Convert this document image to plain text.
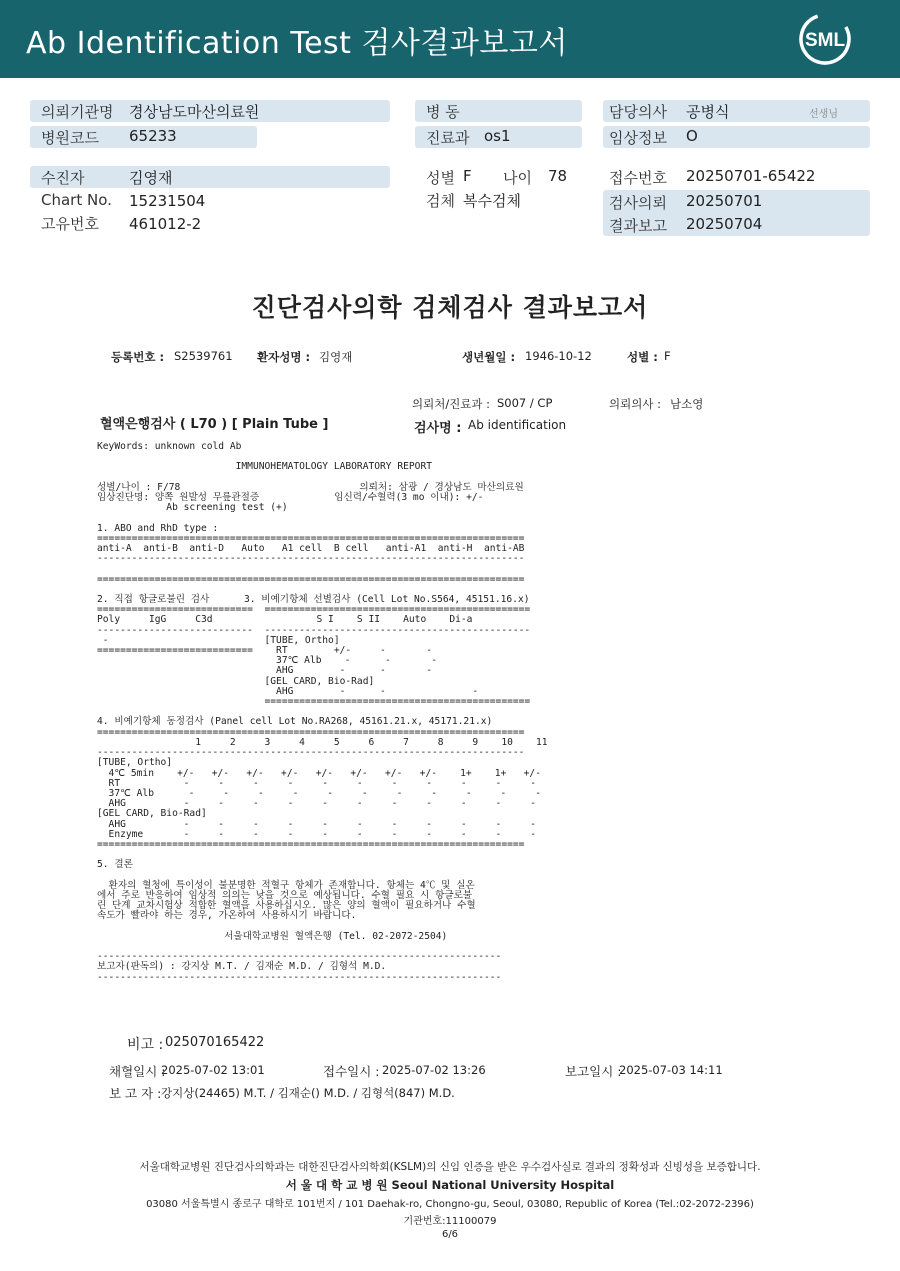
Ab Identification Test 검사결과보고서	SML
의뢰기관명 경상남도마산의료원
병원코드 65233
병 동
진료과 os1
담당의사 공병식	선생님
임상정보 O
수진자	김영재
Chart No. 15231504
고유번호 461012-2
성별 F 나이 78
검체 복수검체
접수번호 20250701-65422
검사의뢰 20250701
결과보고 20250704
진단검사의학 검체검사 결과보고서
등록번호 : S2539761 환자성명 : 김영재	생년월일 : 1946-10-12	성별 : F
의뢰처/진료과 : S007 / CP	의뢰의사 : 남소영
혈액은행검사 ( L70 ) [ Plain Tube ]	검사명 : Ab identification
KeyWords: unknown cold Ab

IMMUNOHEMATOLOGY LABORATORY REPORT

성별/나이 : F/78                               의뢰처: 삼광 / 경상남도 마산의료원
임상진단명: 양쪽 원발성 무릎관절증             임신력/수혈력(3 mo 이내): +/-
Ab screening test (+)

1. ABO and RhD type :
==========================================================================
anti-A  anti-B  anti-D   Auto   A1 cell  B cell   anti-A1  anti-H  anti-AB
--------------------------------------------------------------------------

==========================================================================

2. 직접 항글로불린 검사      3. 비예기항체 선별검사 (Cell Lot No.S564, 45151.16.x)
===========================  ==============================================
Poly     IgG     C3d                  S I    S II    Auto    Di-a
---------------------------  ----------------------------------------------
-                           [TUBE, Ortho]
===========================    RT        +/-     -       -
37℃ Alb    -      -       -
AHG        -      -       -
[GEL CARD, Bio-Rad]
AHG        -      -               -
==============================================

4. 비예기항체 동정검사 (Panel cell Lot No.RA268, 45161.21.x, 45171.21.x)
==========================================================================
1     2     3     4     5     6     7     8     9    10    11
--------------------------------------------------------------------------
[TUBE, Ortho]
4℃ 5min    +/-   +/-   +/-   +/-   +/-   +/-   +/-   +/-    1+    1+   +/-
RT           -     -     -     -     -     -     -     -     -     -     -
37℃ Alb      -     -     -     -     -     -     -     -     -     -     -
AHG          -     -     -     -     -     -     -     -     -     -     -
[GEL CARD, Bio-Rad]
AHG          -     -     -     -     -     -     -     -     -     -     -
Enzyme       -     -     -     -     -     -     -     -     -     -     -
==========================================================================

5. 결론

환자의 혈청에 특이성이 불분명한 적혈구 항체가 존재합니다. 항체는 4℃ 및 실온
에서 주로 반응하여 임상적 의의는 낮을 것으로 예상됩니다. 수혈 필요 시 항글로불
린 단계 교차시험상 적합한 혈액을 사용하십시오. 많은 양의 혈액이 필요하거나 수혈
속도가 빨라야 하는 경우, 가온하여 사용하시기 바랍니다.

서울대학교병원 혈액은행 (Tel. 02-2072-2504)

----------------------------------------------------------------------
보고자(판독의) : 강지상 M.T. / 김재순 M.D. / 김형석 M.D.
----------------------------------------------------------------------
비고 : 025070165422
채혈일시 :
2025-07-02 13:01	접수일시 : 2025-07-02 13:26	보고일시 :
2025-07-03 14:11
보 고 자 : 강지상(24465) M.T. / 김재순() M.D. / 김형석(847) M.D.
서울대학교병원 진단검사의학과는 대한진단검사의학회(KSLM)의 신임 인증을 받은 우수검사실로 결과의 정확성과 신빙성을 보증합니다.
서 울 대 학 교 병 원 Seoul National University Hospital
03080 서울특별시 종로구 대학로 101번지 / 101 Daehak-ro, Chongno-gu, Seoul, 03080, Republic of Korea (Tel.:02-2072-2396)
기관번호:11100079
6/6
